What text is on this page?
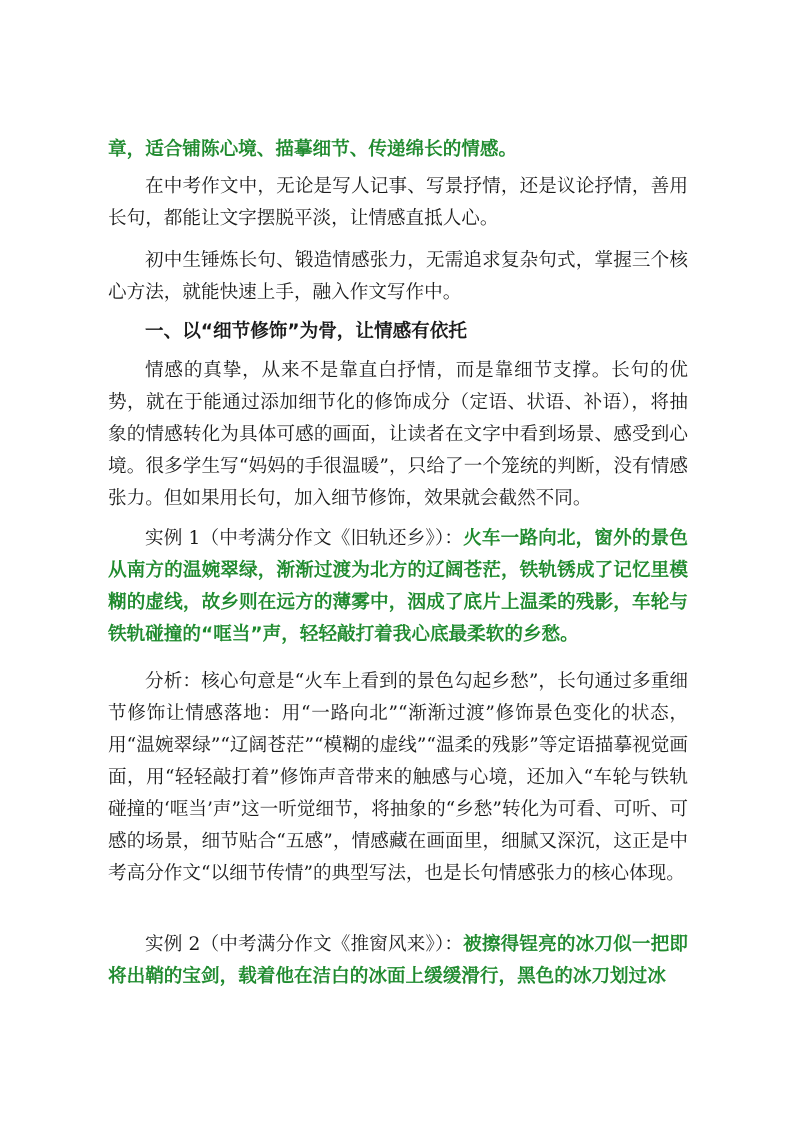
章，适合铺陈心境、描摹细节、传递绵长的情感。

在中考作文中，无论是写人记事、写景抒情，还是议论抒情，善用长句，都能让文字摆脱平淡，让情感直抵人心。

初中生锤炼长句、锻造情感张力，无需追求复杂句式，掌握三个核心方法，就能快速上手，融入作文写作中。

一、以“细节修饰”为骨，让情感有依托

情感的真挚，从来不是靠直白抒情，而是靠细节支撑。长句的优势，就在于能通过添加细节化的修饰成分（定语、状语、补语），将抽象的情感转化为具体可感的画面，让读者在文字中看到场景、感受到心境。很多学生写“妈妈的手很温暖”，只给了一个笼统的判断，没有情感张力。但如果用长句，加入细节修饰，效果就会截然不同。

实例 1（中考满分作文《旧轨还乡》）：火车一路向北，窗外的景色从南方的温婉翠绿，渐渐过渡为北方的辽阔苍茫，铁轨锈成了记忆里模糊的虚线，故乡则在远方的薄雾中，洇成了底片上温柔的残影，车轮与铁轨碰撞的“哐当”声，轻轻敲打着我心底最柔软的乡愁。

分析：核心句意是“火车上看到的景色勾起乡愁”，长句通过多重细节修饰让情感落地：用“一路向北”“渐渐过渡”修饰景色变化的状态，用“温婉翠绿”“辽阔苍茫”“模糊的虚线”“温柔的残影”等定语描摹视觉画面，用“轻轻敲打着”修饰声音带来的触感与心境，还加入“车轮与铁轨碰撞的‘哐当’声”这一听觉细节，将抽象的“乡愁”转化为可看、可听、可感的场景，细节贴合“五感”，情感藏在画面里，细腻又深沉，这正是中考高分作文“以细节传情”的典型写法，也是长句情感张力的核心体现。

实例 2（中考满分作文《推窗风来》）：被擦得锃亮的冰刀似一把即将出鞘的宝剑，载着他在洁白的冰面上缓缓滑行，黑色的冰刀划过冰
